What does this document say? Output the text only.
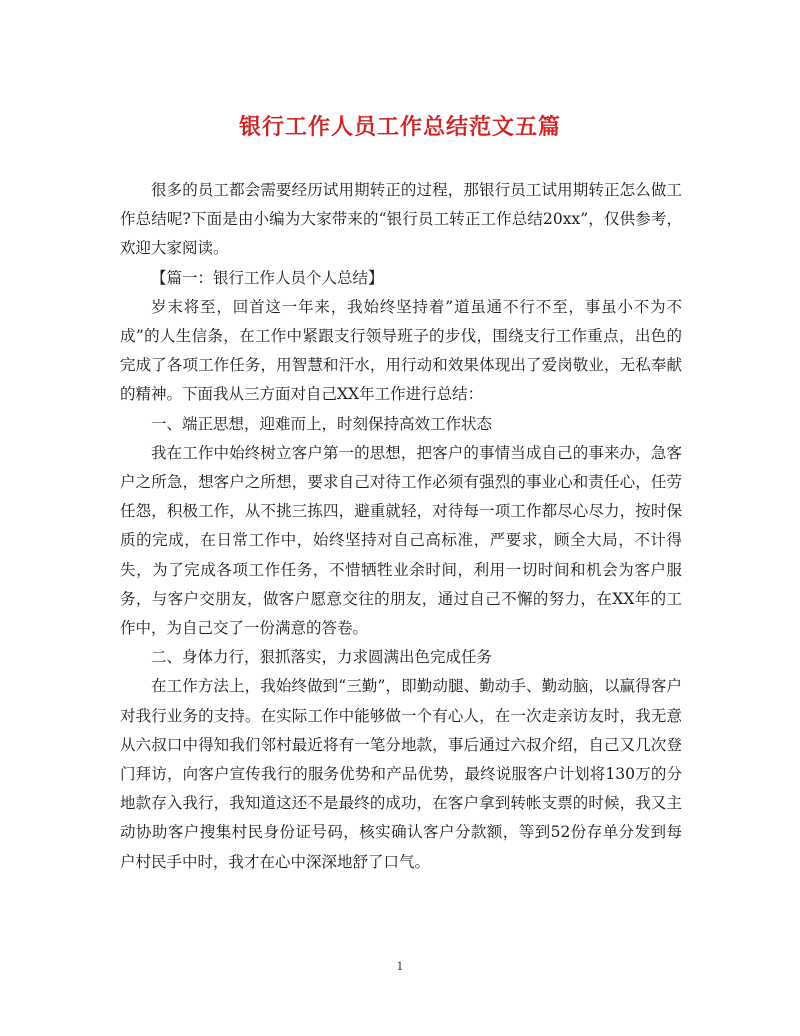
银行工作人员工作总结范文五篇

很多的员工都会需要经历试用期转正的过程，那银行员工试用期转正怎么做工作总结呢?下面是由小编为大家带来的“银行员工转正工作总结20xx”，仅供参考，欢迎大家阅读。

【篇一：银行工作人员个人总结】

岁末将至，回首这一年来，我始终坚持着”道虽通不行不至，事虽小不为不成”的人生信条，在工作中紧跟支行领导班子的步伐，围绕支行工作重点，出色的完成了各项工作任务，用智慧和汗水，用行动和效果体现出了爱岗敬业，无私奉献的精神。下面我从三方面对自己XX年工作进行总结：

一、端正思想，迎难而上，时刻保持高效工作状态

我在工作中始终树立客户第一的思想，把客户的事情当成自己的事来办，急客户之所急，想客户之所想，要求自己对待工作必须有强烈的事业心和责任心，任劳任怨，积极工作，从不挑三拣四，避重就轻，对待每一项工作都尽心尽力，按时保质的完成，在日常工作中，始终坚持对自己高标准，严要求，顾全大局，不计得失，为了完成各项工作任务，不惜牺牲业余时间，利用一切时间和机会为客户服务，与客户交朋友，做客户愿意交往的朋友，通过自己不懈的努力，在XX年的工作中，为自己交了一份满意的答卷。

二、身体力行，狠抓落实，力求圆满出色完成任务

在工作方法上，我始终做到“三勤”，即勤动腿、勤动手、勤动脑，以赢得客户对我行业务的支持。在实际工作中能够做一个有心人，在一次走亲访友时，我无意从六叔口中得知我们邻村最近将有一笔分地款，事后通过六叔介绍，自己又几次登门拜访，向客户宣传我行的服务优势和产品优势，最终说服客户计划将130万的分地款存入我行，我知道这还不是最终的成功，在客户拿到转帐支票的时候，我又主动协助客户搜集村民身份证号码，核实确认客户分款额，等到52份存单分发到每户村民手中时，我才在心中深深地舒了口气。

1
